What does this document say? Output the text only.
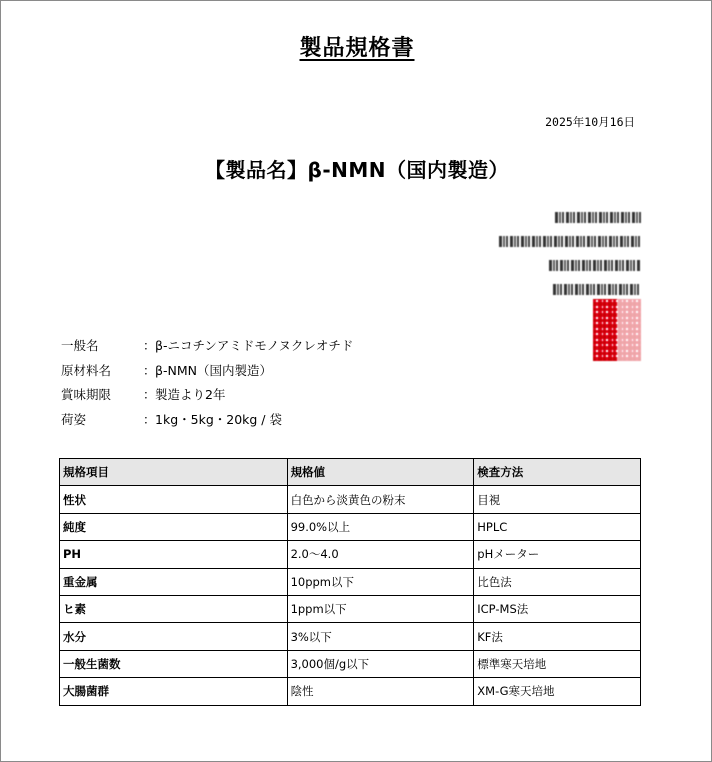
製品規格書
2025年10月16日
【製品名】β-NMN（国内製造）
一般名	： β-ニコチンアミドモノヌクレオチド
原材料名	： β-NMN（国内製造）
賞味期限	： 製造より2年
荷姿	： 1kg・5kg・20kg / 袋
規格項目	規格値	検査方法
性状	白色から淡黄色の粉末	目視
純度	99.0%以上	HPLC
PH	2.0～4.0	pHメーター
重金属	10ppm以下	比色法
ヒ素	1ppm以下	ICP-MS法
水分	3%以下	KF法
一般生菌数	3,000個/g以下	標準寒天培地
大腸菌群	陰性	XM-G寒天培地
